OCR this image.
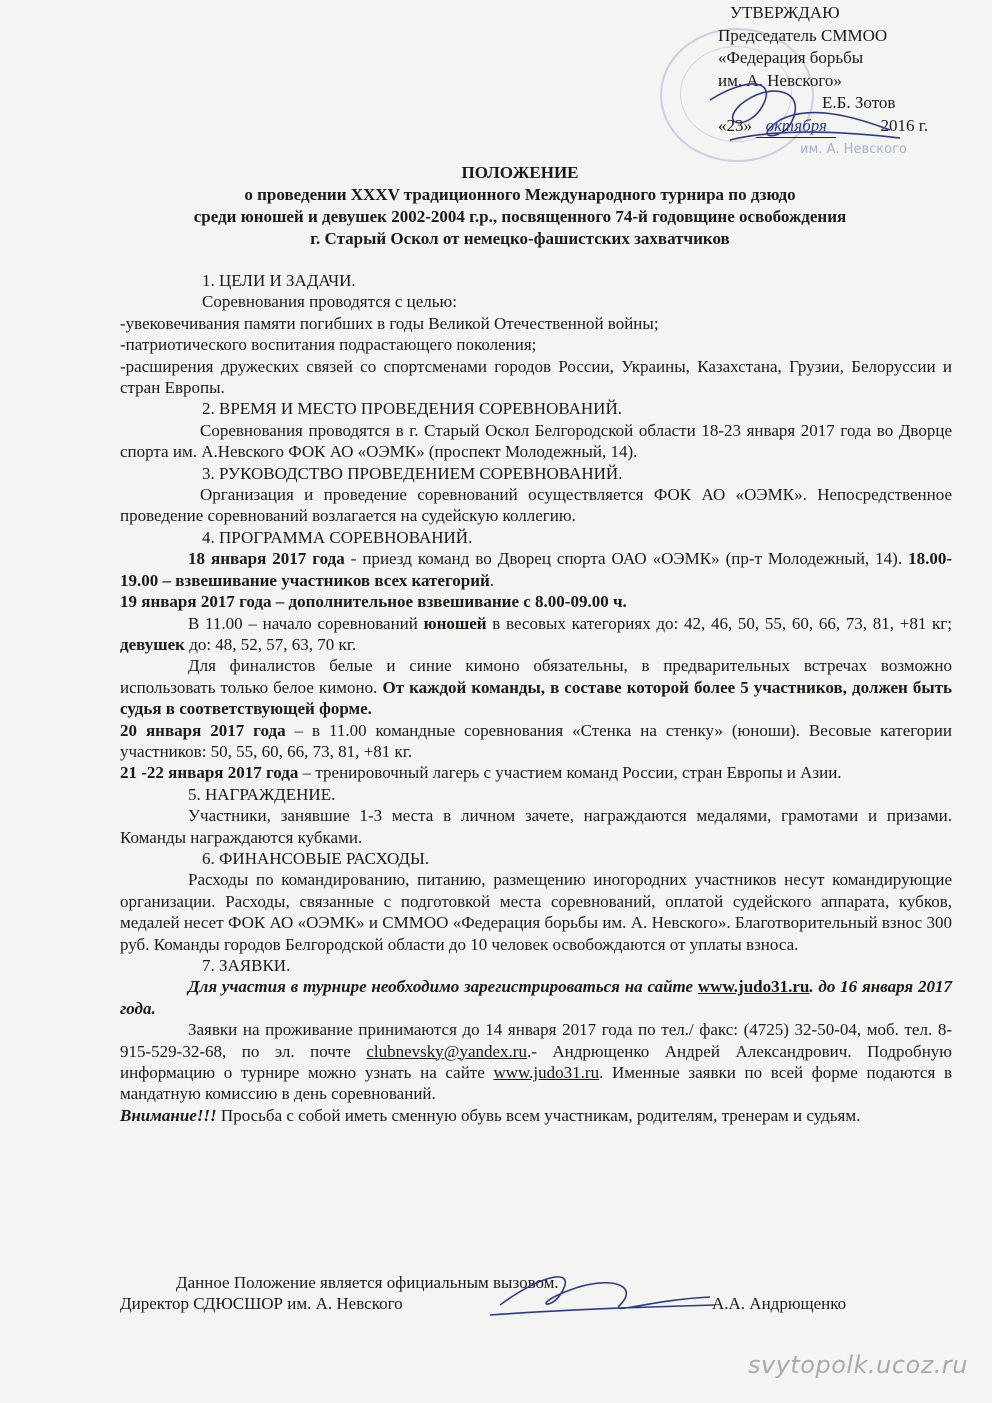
им. А. Невского
УТВЕРЖДАЮ
Председатель СММОО
«Федерация борьбы
им. А. Невского»
Е.Б. Зотов
«23» октября	2016 г.
ПОЛОЖЕНИЕ
о проведении XXXV традиционного Международного турнира по дзюдо
среди юношей и девушек 2002-2004 г.р., посвященного 74-й годовщине освобождения
г. Старый Оскол от немецко-фашистских захватчиков

1. ЦЕЛИ И ЗАДАЧИ.

Соревнования проводятся с целью:

-увековечивания памяти погибших в годы Великой Отечественной войны;

-патриотического воспитания подрастающего поколения;

-расширения дружеских связей со спортсменами городов России, Украины, Казахстана, Грузии, Белоруссии и стран Европы.

2. ВРЕМЯ И МЕСТО ПРОВЕДЕНИЯ СОРЕВНОВАНИЙ.

Соревнования проводятся в г. Старый Оскол Белгородской области 18-23 января 2017 года во Дворце спорта им. А.Невского ФОК АО «ОЭМК» (проспект Молодежный, 14).

3. РУКОВОДСТВО ПРОВЕДЕНИЕМ СОРЕВНОВАНИЙ.

Организация и проведение соревнований осуществляется ФОК АО «ОЭМК». Непосредственное проведение соревнований возлагается на судейскую коллегию.

4. ПРОГРАММА СОРЕВНОВАНИЙ.

18 января 2017 года - приезд команд во Дворец спорта ОАО «ОЭМК» (пр-т Молодежный, 14). 18.00-19.00 – взвешивание участников всех категорий.

19 января 2017 года – дополнительное взвешивание с 8.00-09.00 ч.

В 11.00 – начало соревнований юношей в весовых категориях до: 42, 46, 50, 55, 60, 66, 73, 81, +81 кг; девушек до: 48, 52, 57, 63, 70 кг.

Для финалистов белые и синие кимоно обязательны, в предварительных встречах возможно использовать только белое кимоно. От каждой команды, в составе которой более 5 участников, должен быть судья в соответствующей форме.

20 января 2017 года – в 11.00 командные соревнования «Стенка на стенку» (юноши). Весовые категории участников: 50, 55, 60, 66, 73, 81, +81 кг.

21 -22 января 2017 года – тренировочный лагерь с участием команд России, стран Европы и Азии.

5. НАГРАЖДЕНИЕ.

Участники, занявшие 1-3 места в личном зачете, награждаются медалями, грамотами и призами. Команды награждаются кубками.

6. ФИНАНСОВЫЕ РАСХОДЫ.

Расходы по командированию, питанию, размещению иногородних участников несут командирующие организации. Расходы, связанные с подготовкой места соревнований, оплатой судейского аппарата, кубков, медалей несет ФОК АО «ОЭМК» и СММОО «Федерация борьбы им. А. Невского». Благотворительный взнос 300 руб. Команды городов Белгородской области до 10 человек освобождаются от уплаты взноса.

7. ЗАЯВКИ.

Для участия в турнире необходимо зарегистрироваться на сайте www.judo31.ru. до 16 января 2017 года.

Заявки на проживание принимаются до 14 января 2017 года по тел./ факс: (4725) 32-50-04, моб. тел. 8-915-529-32-68, по эл. почте clubnevsky@yandex.ru.- Андрющенко Андрей Александрович. Подробную информацию о турнире можно узнать на сайте www.judo31.ru. Именные заявки по всей форме подаются в мандатную комиссию в день соревнований.

Внимание!!! Просьба с собой иметь сменную обувь всем участникам, родителям, тренерам и судьям.

Данное Положение является официальным вызовом.
Директор СДЮСШОР им. А. Невского	А.А. Андрющенко
svytopolk.ucoz.ru
